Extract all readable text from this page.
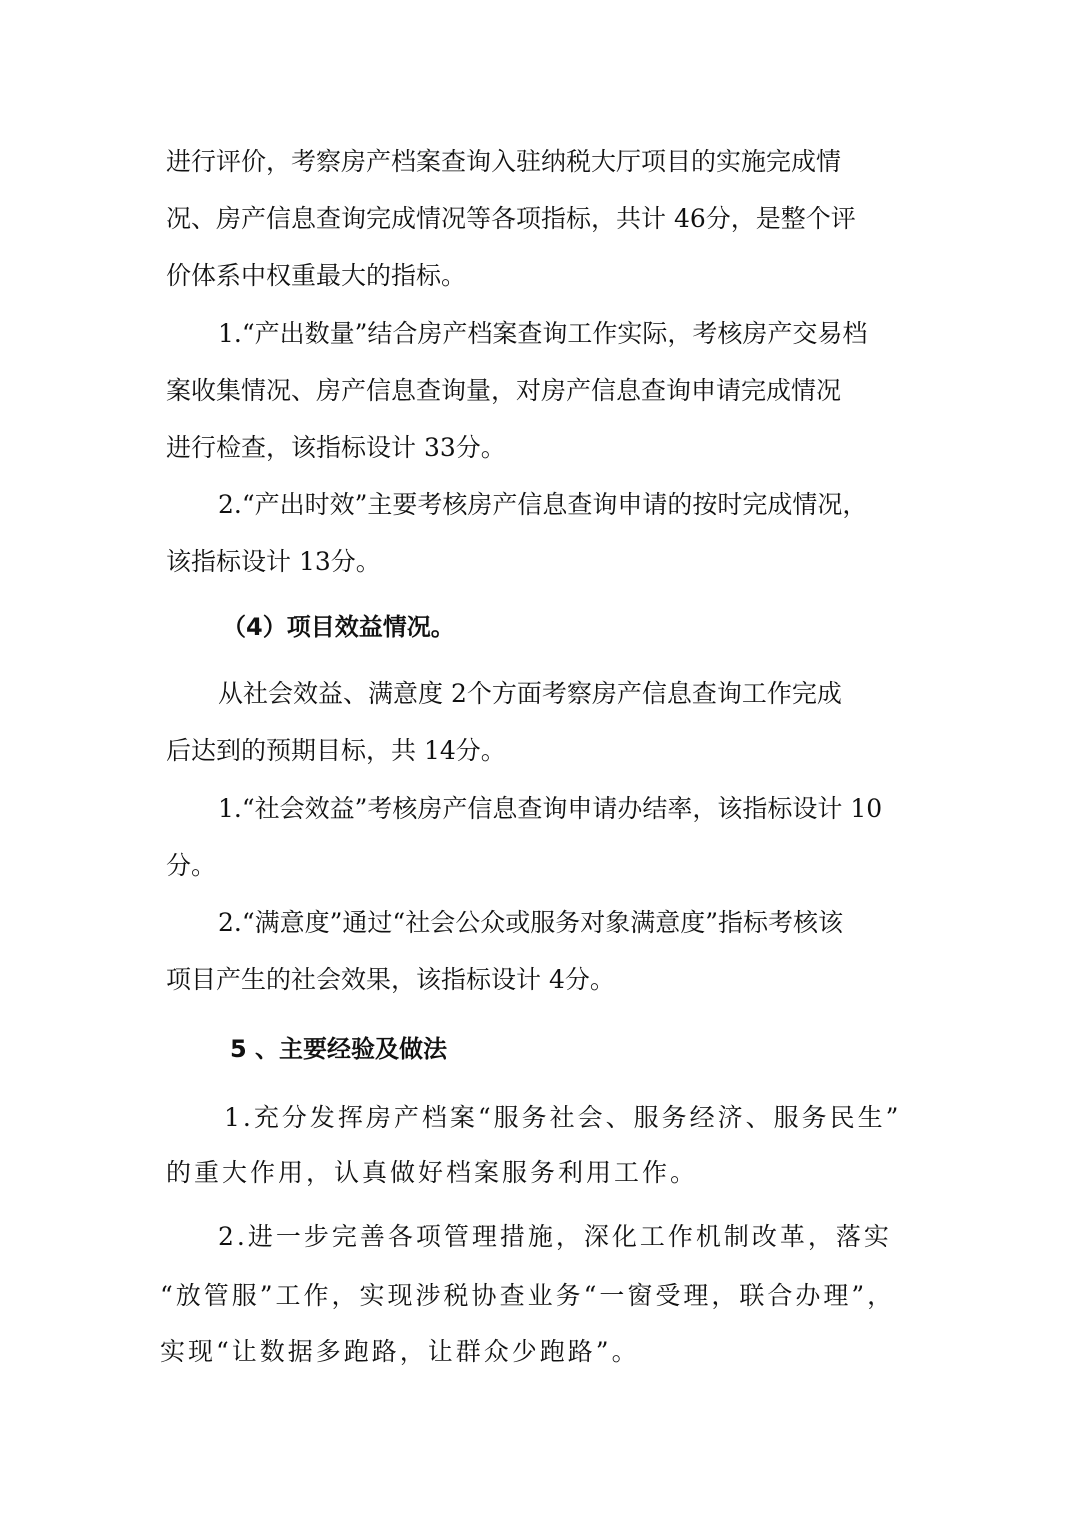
进行评价，考察房产档案查询入驻纳税大厅项目的实施完成情

况、房产信息查询完成情况等各项指标，共计 46分，是整个评

价体系中权重最大的指标。

1.“产出数量”结合房产档案查询工作实际，考核房产交易档

案收集情况、房产信息查询量，对房产信息查询申请完成情况

进行检查，该指标设计 33分。

2.“产出时效”主要考核房产信息查询申请的按时完成情况，

该指标设计 13分。

（4）项目效益情况。

从社会效益、满意度 2个方面考察房产信息查询工作完成

后达到的预期目标，共 14分。

1.“社会效益”考核房产信息查询申请办结率，该指标设计 10

分。

2.“满意度”通过“社会公众或服务对象满意度”指标考核该

项目产生的社会效果，该指标设计 4分。

5 、主要经验及做法

1.充分发挥房产档案“服务社会、服务经济、服务民生”

的重大作用，认真做好档案服务利用工作。

2.进一步完善各项管理措施，深化工作机制改革，落实

“放管服”工作，实现涉税协查业务“一窗受理，联合办理”，

实现“让数据多跑路，让群众少跑路”。
